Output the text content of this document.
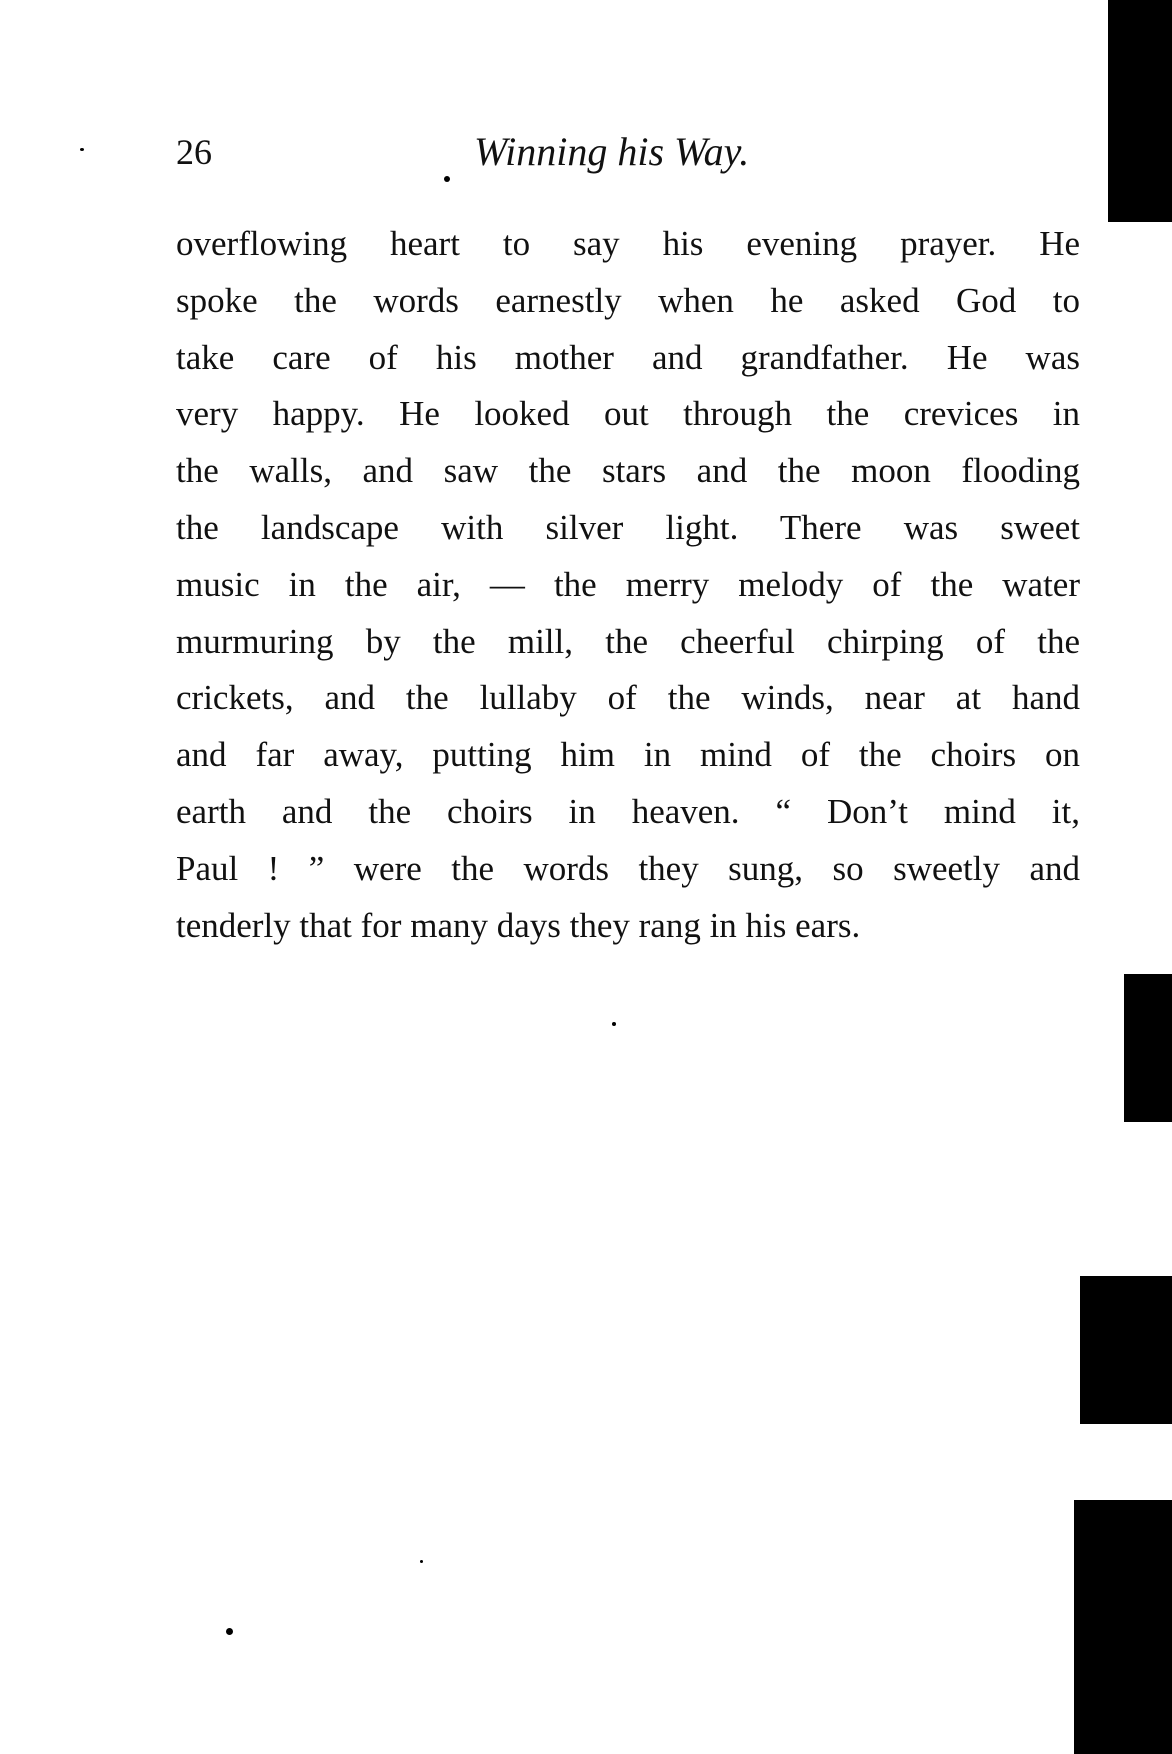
26	Winning his Way.
overflowing heart to say his evening prayer. He
spoke the words earnestly when he asked God to
take care of his mother and grandfather. He was
very happy. He looked out through the crevices in
the walls, and saw the stars and the moon flooding
the landscape with silver light. There was sweet
music in the air, — the merry melody of the water
murmuring by the mill, the cheerful chirping of the
crickets, and the lullaby of the winds, near at hand
and far away, putting him in mind of the choirs on
earth and the choirs in heaven. “ Don’t mind it,
Paul ! ” were the words they sung, so sweetly and
tenderly that for many days they rang in his ears.
